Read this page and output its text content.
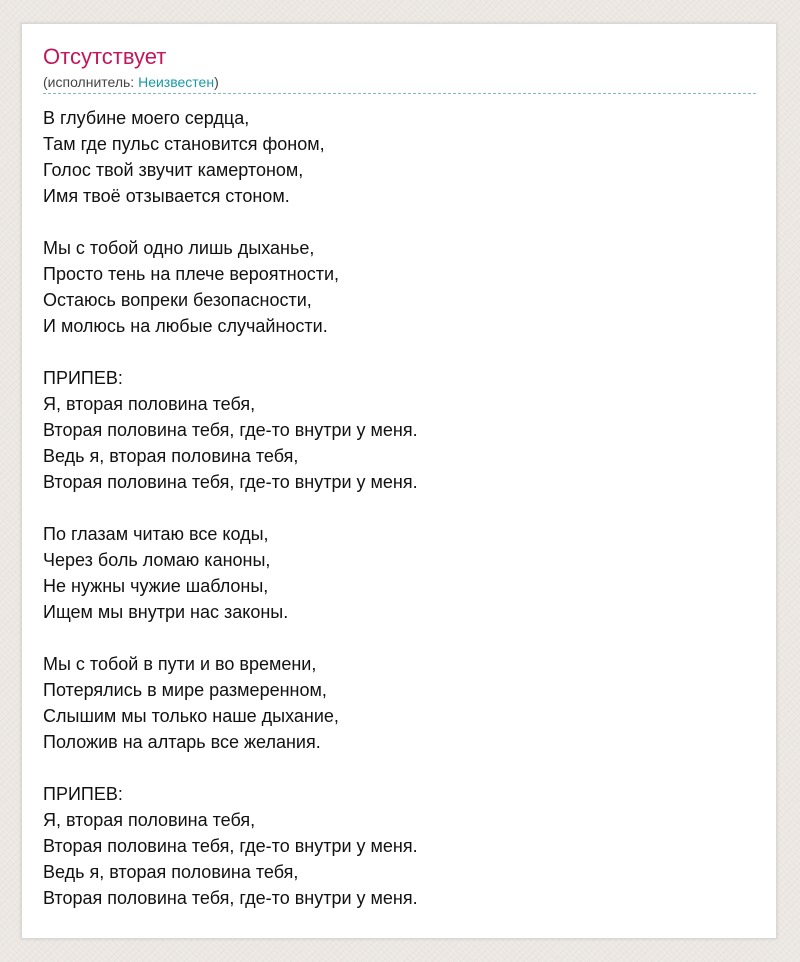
Отсутствует
(исполнитель: Неизвестен)
В глубине моего сердца,
Там где пульс становится фоном,
Голос твой звучит камертоном,
Имя твоё отзывается стоном.
Мы с тобой одно лишь дыханье,
Просто тень на плече вероятности,
Остаюсь вопреки безопасности,
И молюсь на любые случайности.
ПРИПЕВ:
Я, вторая половина тебя,
Вторая половина тебя, где-то внутри у меня.
Ведь я, вторая половина тебя,
Вторая половина тебя, где-то внутри у меня.
По глазам читаю все коды,
Через боль ломаю каноны,
Не нужны чужие шаблоны,
Ищем мы внутри нас законы.
Мы с тобой в пути и во времени,
Потерялись в мире размеренном,
Слышим мы только наше дыхание,
Положив на алтарь все желания.
ПРИПЕВ:
Я, вторая половина тебя,
Вторая половина тебя, где-то внутри у меня.
Ведь я, вторая половина тебя,
Вторая половина тебя, где-то внутри у меня.
